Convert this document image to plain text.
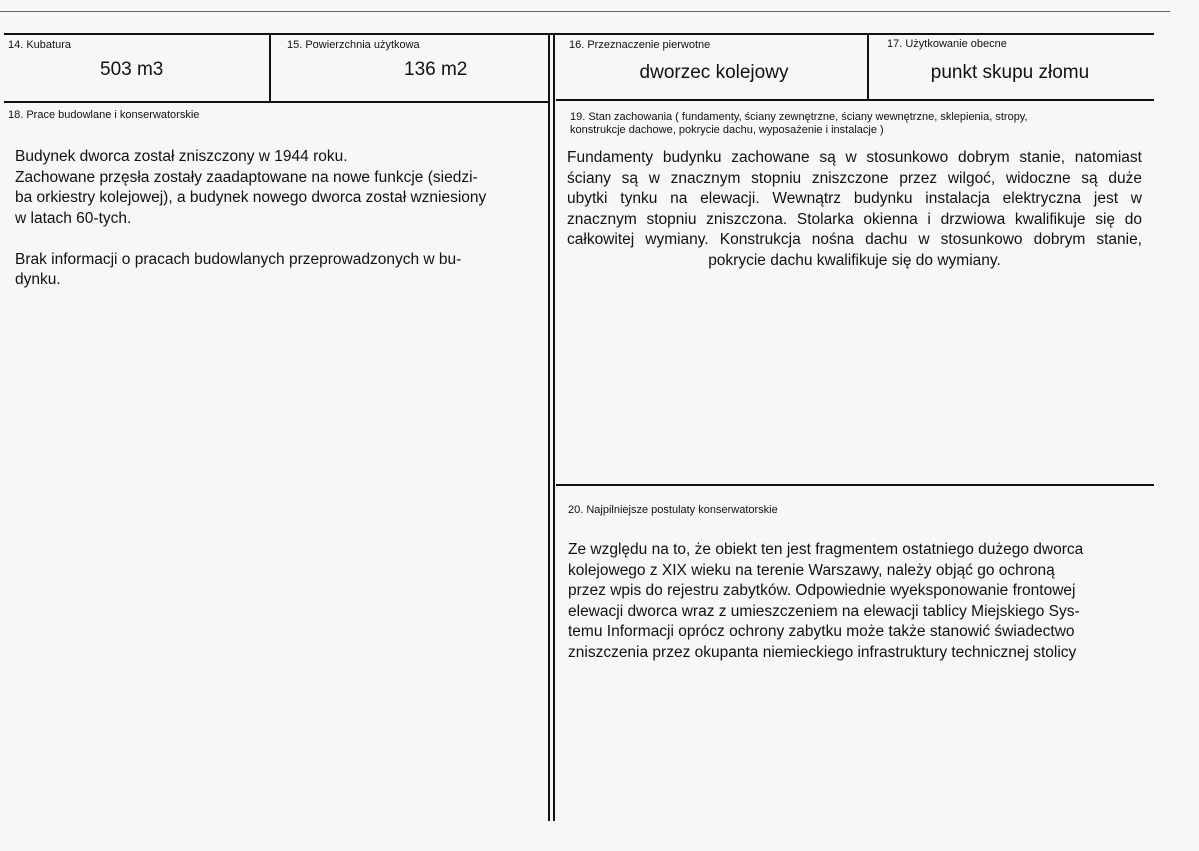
14. Kubatura
503 m3
15. Powierzchnia użytkowa
136 m2
16. Przeznaczenie pierwotne
dworzec kolejowy
17. Użytkowanie obecne
punkt skupu złomu
18. Prace budowlane i konserwatorskie
Budynek dworca został zniszczony w 1944 roku.
Zachowane przęsła zostały zaadaptowane na nowe funkcje (siedzi-
ba orkiestry kolejowej), a budynek nowego dworca został wzniesiony
w latach 60-tych.
Brak informacji o pracach budowlanych przeprowadzonych w bu-
dynku.
19. Stan zachowania ( fundamenty, ściany zewnętrzne, ściany wewnętrzne, sklepienia, stropy,
konstrukcje dachowe, pokrycie dachu, wyposażenie i instalacje )
Fundamenty budynku zachowane są w stosunkowo dobrym stanie, natomiast
ściany są w znacznym stopniu zniszczone przez wilgoć, widoczne są duże
ubytki tynku na elewacji. Wewnątrz budynku instalacja elektryczna jest w
znacznym stopniu zniszczona. Stolarka okienna i drzwiowa kwalifikuje się do
całkowitej wymiany. Konstrukcja nośna dachu w stosunkowo dobrym stanie,
pokrycie dachu kwalifikuje się do wymiany.
20. Najpilniejsze postulaty konserwatorskie
Ze względu na to, że obiekt ten jest fragmentem ostatniego dużego dworca
kolejowego z XIX wieku na terenie Warszawy, należy objąć go ochroną
przez wpis do rejestru zabytków. Odpowiednie wyeksponowanie frontowej
elewacji dworca wraz z umieszczeniem na elewacji tablicy Miejskiego Sys-
temu Informacji oprócz ochrony zabytku może także stanowić świadectwo
zniszczenia przez okupanta niemieckiego infrastruktury technicznej stolicy
